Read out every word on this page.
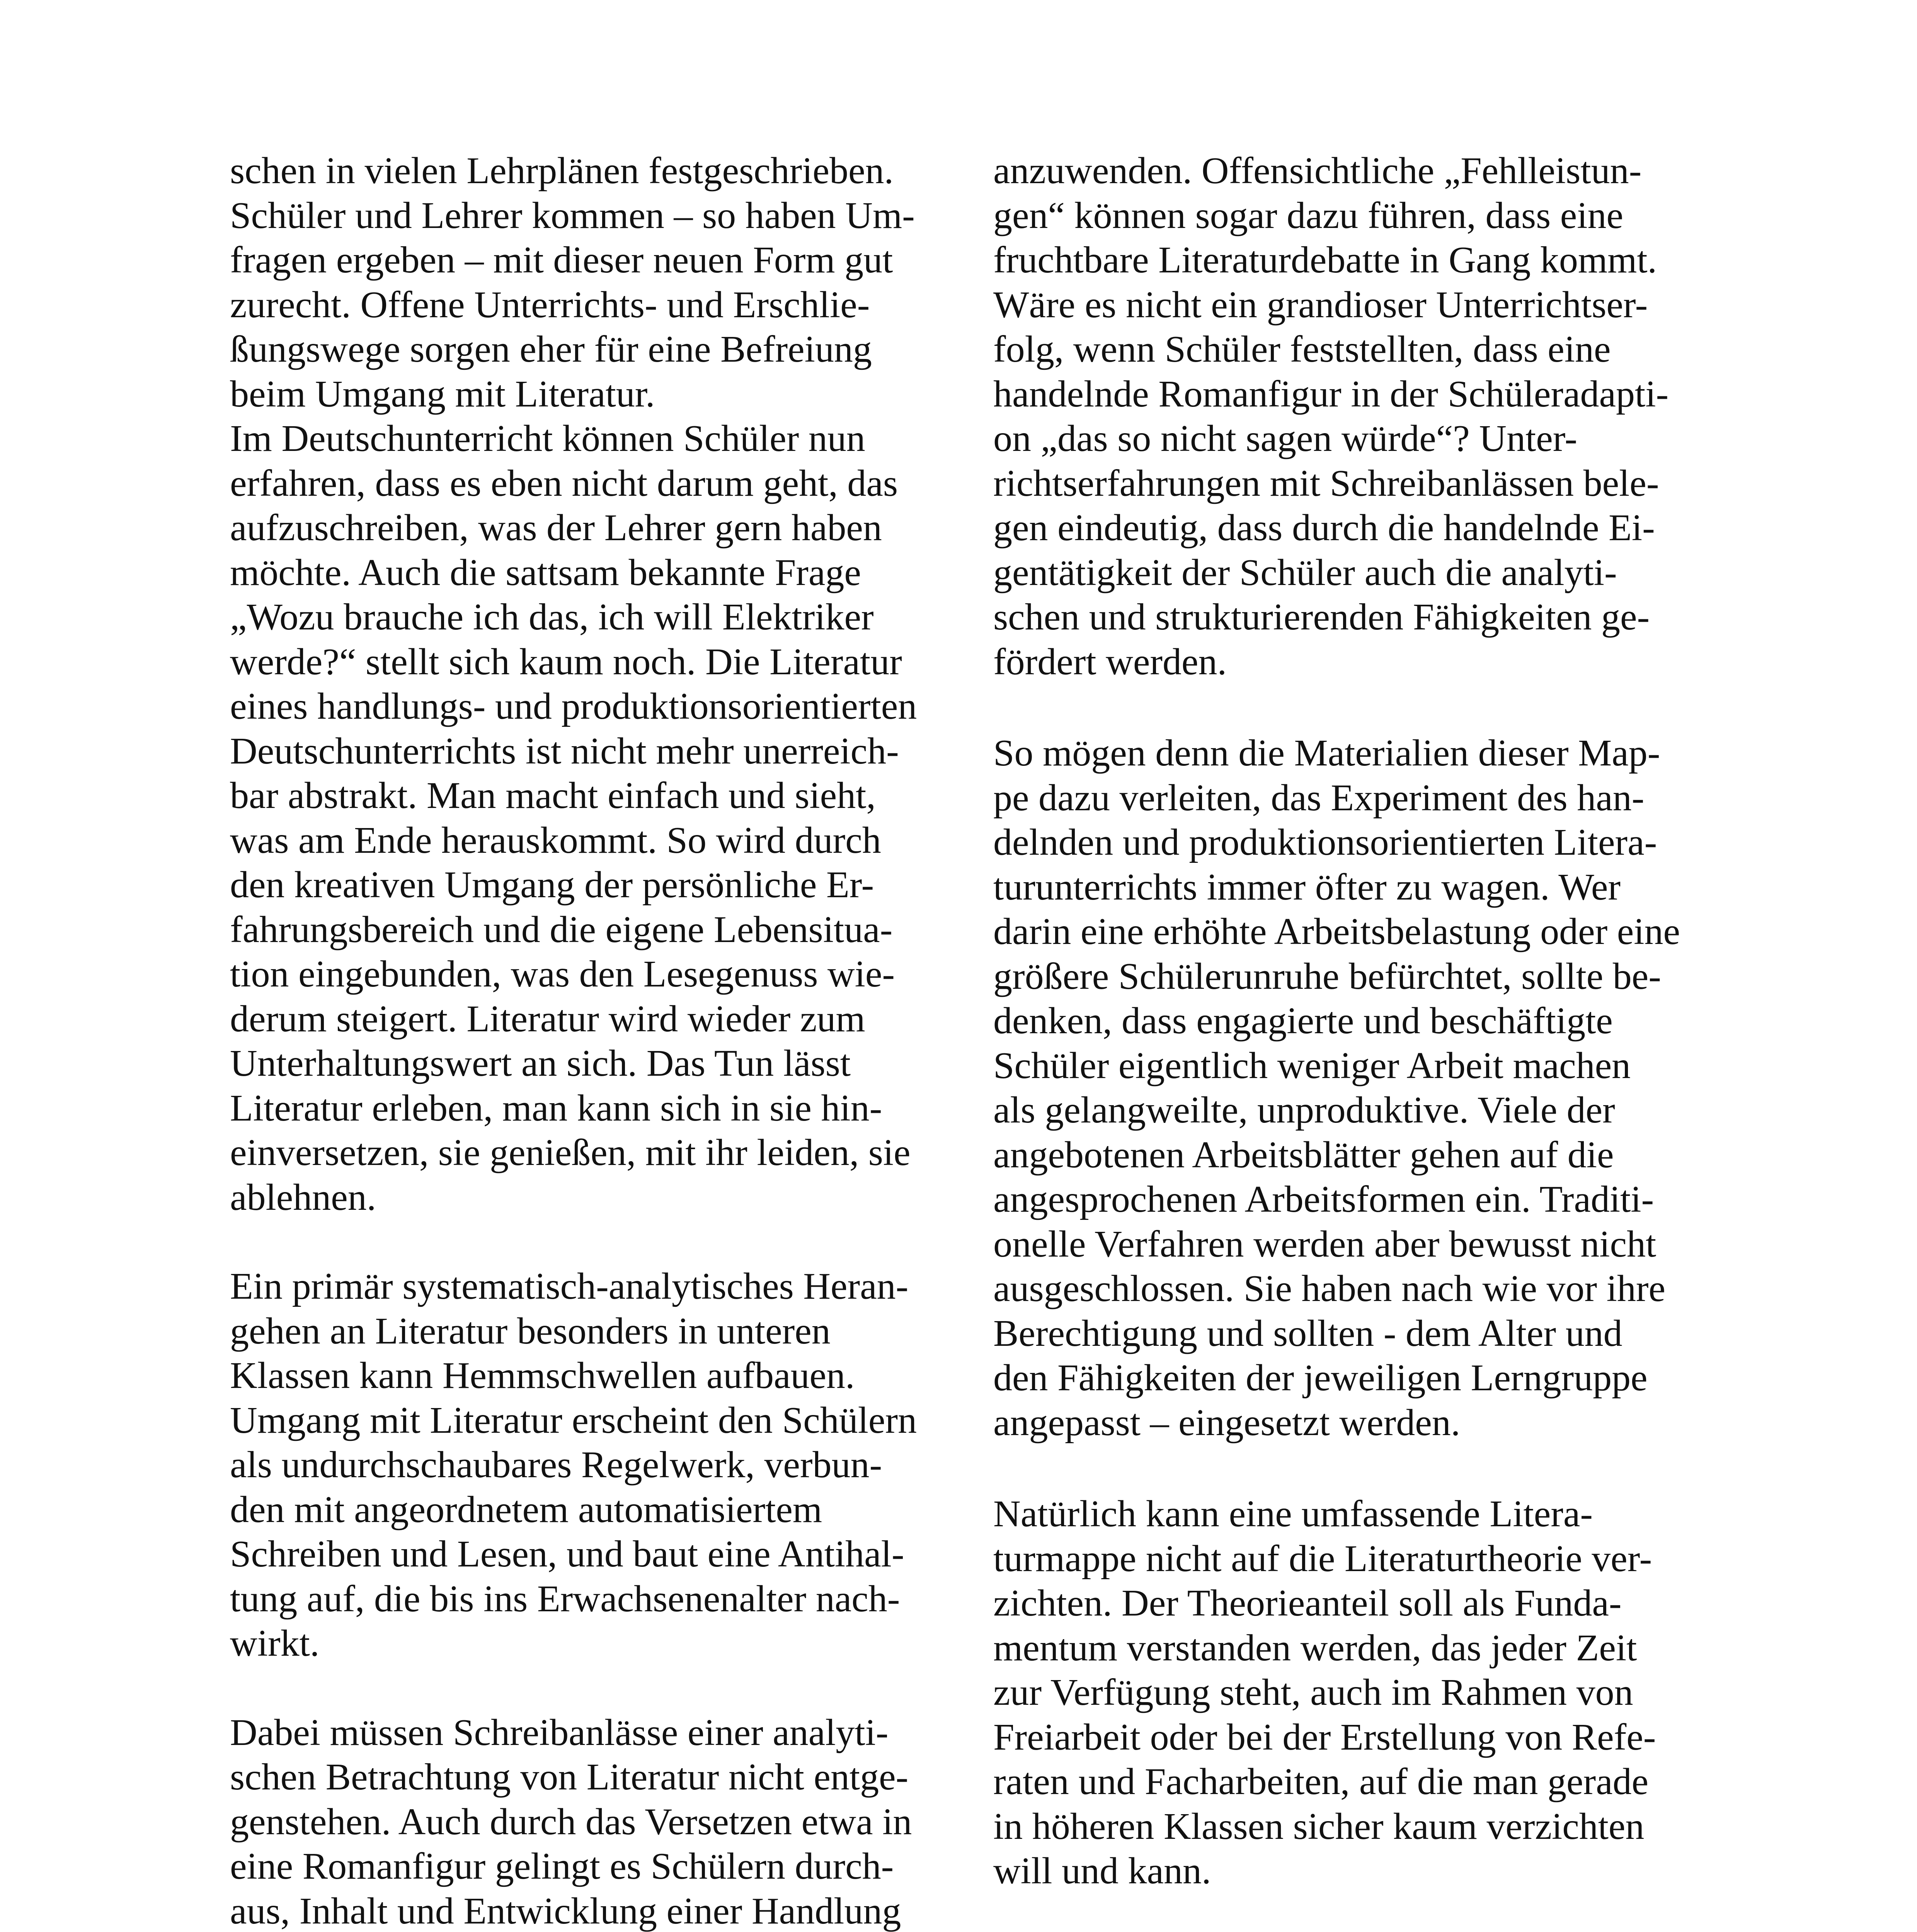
schen in vielen Lehrplänen festgeschrieben.
Schüler und Lehrer kommen – so haben Um-
fragen ergeben – mit dieser neuen Form gut
zurecht. Offene Unterrichts- und Erschlie-
ßungswege sorgen eher für eine Befreiung
beim Umgang mit Literatur.
Im Deutschunterricht können Schüler nun
erfahren, dass es eben nicht darum geht, das
aufzuschreiben, was der Lehrer gern haben
möchte. Auch die sattsam bekannte Frage
„Wozu brauche ich das, ich will Elektriker
werde?“ stellt sich kaum noch. Die Literatur
eines handlungs- und produktionsorientierten
Deutschunterrichts ist nicht mehr unerreich-
bar abstrakt. Man macht einfach und sieht,
was am Ende herauskommt. So wird durch
den kreativen Umgang der persönliche Er-
fahrungsbereich und die eigene Lebensitua-
tion eingebunden, was den Lesegenuss wie-
derum steigert. Literatur wird wieder zum
Unterhaltungswert an sich. Das Tun lässt
Literatur erleben, man kann sich in sie hin-
einversetzen, sie genießen, mit ihr leiden, sie
ablehnen.

Ein primär systematisch-analytisches Heran-
gehen an Literatur besonders in unteren
Klassen kann Hemmschwellen aufbauen.
Umgang mit Literatur erscheint den Schülern
als undurchschaubares Regelwerk, verbun-
den mit angeordnetem automatisiertem
Schreiben und Lesen, und baut eine Antihal-
tung auf, die bis ins Erwachsenenalter nach-
wirkt.

Dabei müssen Schreibanlässe einer analyti-
schen Betrachtung von Literatur nicht entge-
genstehen. Auch durch das Versetzen etwa in
eine Romanfigur gelingt es Schülern durch-
aus, Inhalt und Entwicklung einer Handlung

anzuwenden. Offensichtliche „Fehlleistun-
gen“ können sogar dazu führen, dass eine
fruchtbare Literaturdebatte in Gang kommt.
Wäre es nicht ein grandioser Unterrichtser-
folg, wenn Schüler feststellten, dass eine
handelnde Romanfigur in der Schüleradapti-
on „das so nicht sagen würde“? Unter-
richtserfahrungen mit Schreibanlässen bele-
gen eindeutig, dass durch die handelnde Ei-
gentätigkeit der Schüler auch die analyti-
schen und strukturierenden Fähigkeiten ge-
fördert werden.

So mögen denn die Materialien dieser Map-
pe dazu verleiten, das Experiment des han-
delnden und produktionsorientierten Litera-
turunterrichts immer öfter zu wagen. Wer
darin eine erhöhte Arbeitsbelastung oder eine
größere Schülerunruhe befürchtet, sollte be-
denken, dass engagierte und beschäftigte
Schüler eigentlich weniger Arbeit machen
als gelangweilte, unproduktive. Viele der
angebotenen Arbeitsblätter gehen auf die
angesprochenen Arbeitsformen ein. Traditi-
onelle Verfahren werden aber bewusst nicht
ausgeschlossen. Sie haben nach wie vor ihre
Berechtigung und sollten - dem Alter und
den Fähigkeiten der jeweiligen Lerngruppe
angepasst – eingesetzt werden.

Natürlich kann eine umfassende Litera-
turmappe nicht auf die Literaturtheorie ver-
zichten. Der Theorieanteil soll als Funda-
mentum verstanden werden, das jeder Zeit
zur Verfügung steht, auch im Rahmen von
Freiarbeit oder bei der Erstellung von Refe-
raten und Facharbeiten, auf die man gerade
in höheren Klassen sicher kaum verzichten
will und kann.
